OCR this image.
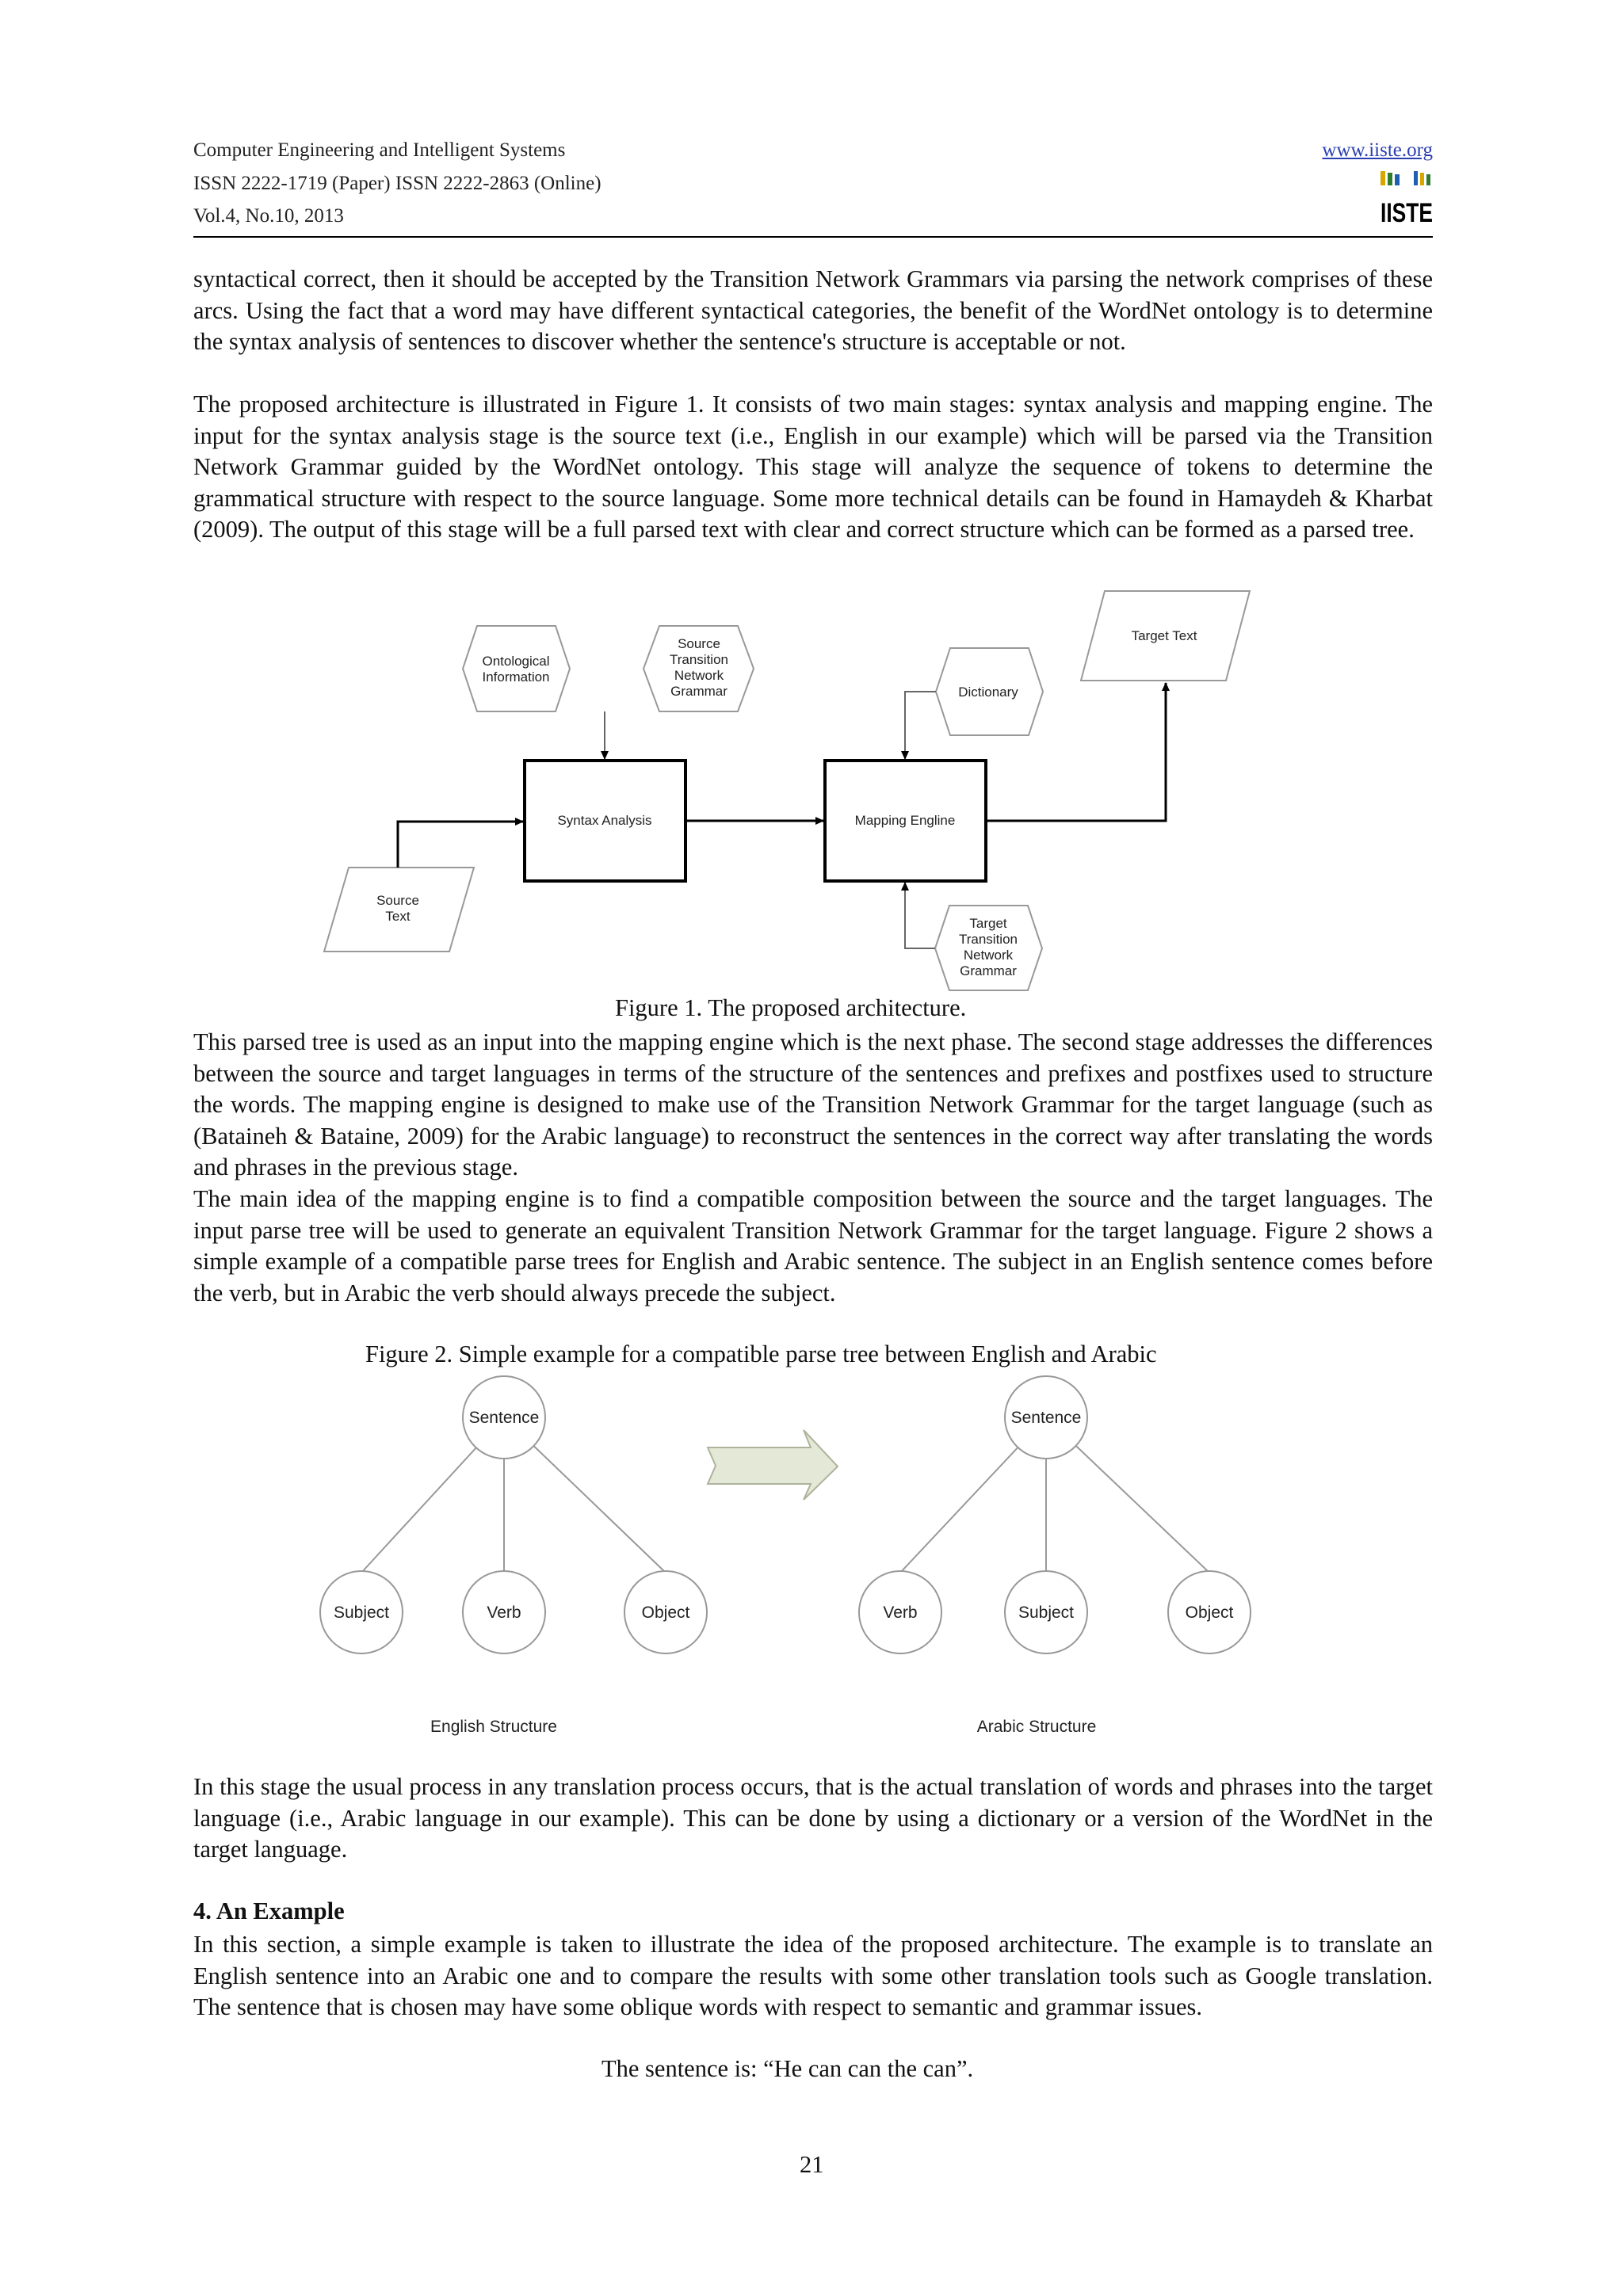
Computer Engineering and Intelligent Systems
ISSN 2222-1719 (Paper) ISSN 2222-2863 (Online)
Vol.4, No.10, 2013
www.iiste.org
IISTE
syntactical correct, then it should be accepted by the Transition Network Grammars via parsing the network comprises of these arcs. Using the fact that a word may have different syntactical categories, the benefit of the WordNet ontology is to determine the syntax analysis of sentences to discover whether the sentence's structure is acceptable or not.
The proposed architecture is illustrated in Figure 1. It consists of two main stages: syntax analysis and mapping engine. The input for the syntax analysis stage is the source text (i.e., English in our example) which will be parsed via the Transition Network Grammar guided by the WordNet ontology. This stage will analyze the sequence of tokens to determine the grammatical structure with respect to the source language. Some more technical details can be found in Hamaydeh & Kharbat (2009). The output of this stage will be a full parsed text with clear and correct structure which can be formed as a parsed tree.
Ontological
Information
Source
Transition
Network
Grammar	Dictionary
Target Text
Syntax Analysis	Mapping Engline
Source
Text	Target
Transition
Network
Grammar
Figure 1. The proposed architecture.
This parsed tree is used as an input into the mapping engine which is the next phase. The second stage addresses the differences between the source and target languages in terms of the structure of the sentences and prefixes and postfixes used to structure the words. The mapping engine is designed to make use of the Transition Network Grammar for the target language (such as (Bataineh & Bataine, 2009) for the Arabic language) to reconstruct the sentences in the correct way after translating the words and phrases in the previous stage.
The main idea of the mapping engine is to find a compatible composition between the source and the target languages. The input parse tree will be used to generate an equivalent Transition Network Grammar for the target language. Figure 2 shows a simple example of a compatible parse trees for English and Arabic sentence. The subject in an English sentence comes before the verb, but in Arabic the verb should always precede the subject.
Figure 2. Simple example for a compatible parse tree between English and Arabic
Sentence
Subject	Verb	Object
English Structure
Sentence
Verb	Subject	Object
Arabic Structure
In this stage the usual process in any translation process occurs, that is the actual translation of words and phrases into the target language (i.e., Arabic language in our example). This can be done by using a dictionary or a version of the WordNet in the target language.
4. An Example
In this section, a simple example is taken to illustrate the idea of the proposed architecture. The example is to translate an English sentence into an Arabic one and to compare the results with some other translation tools such as Google translation. The sentence that is chosen may have some oblique words with respect to semantic and grammar issues.
The sentence is: “He can can the can”.
21
